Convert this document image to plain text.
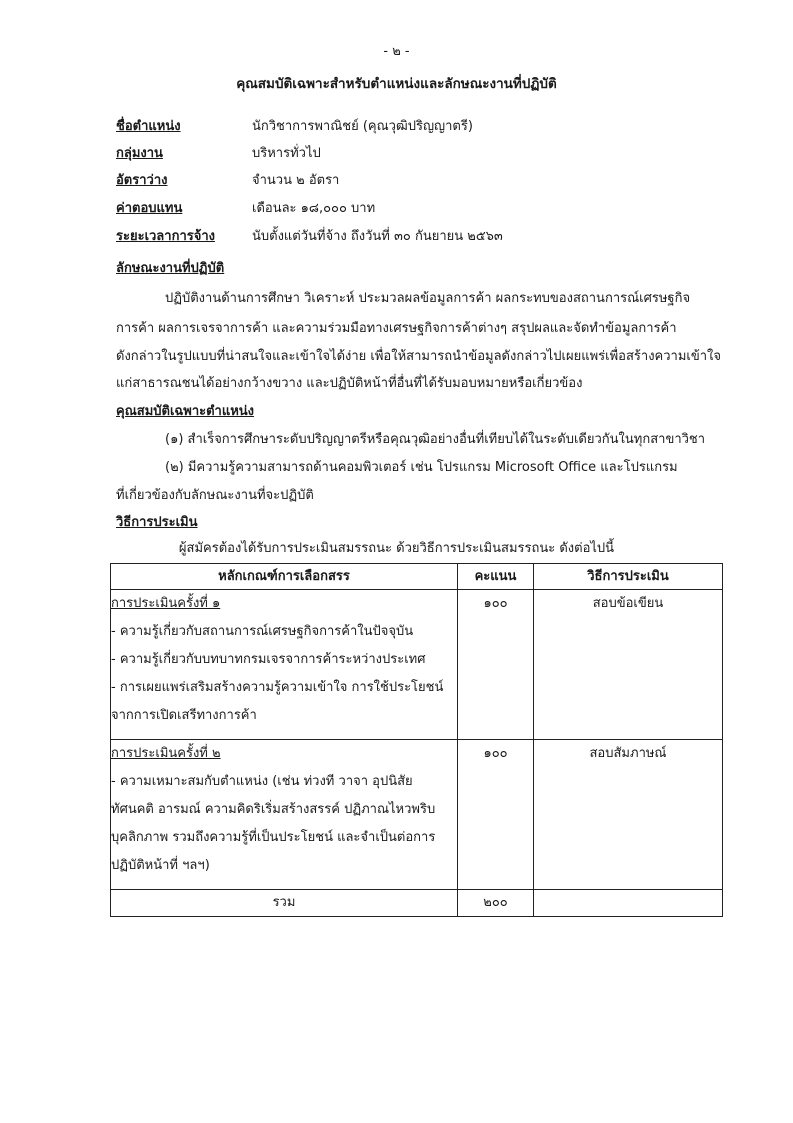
- ๒ -
คุณสมบัติเฉพาะสำหรับตำแหน่งและลักษณะงานที่ปฏิบัติ
ชื่อตำแหน่ง	นักวิชาการพาณิชย์ (คุณวุฒิปริญญาตรี)
กลุ่มงาน	บริหารทั่วไป
อัตราว่าง	จำนวน ๒ อัตรา
ค่าตอบแทน	เดือนละ ๑๘,๐๐๐ บาท
ระยะเวลาการจ้าง	นับตั้งแต่วันที่จ้าง ถึงวันที่ ๓๐ กันยายน ๒๕๖๓
ลักษณะงานที่ปฏิบัติ
ปฏิบัติงานด้านการศึกษา วิเคราะห์ ประมวลผลข้อมูลการค้า ผลกระทบของสถานการณ์เศรษฐกิจ
การค้า ผลการเจรจาการค้า และความร่วมมือทางเศรษฐกิจการค้าต่างๆ สรุปผลและจัดทำข้อมูลการค้า
ดังกล่าวในรูปแบบที่น่าสนใจและเข้าใจได้ง่าย เพื่อให้สามารถนำข้อมูลดังกล่าวไปเผยแพร่เพื่อสร้างความเข้าใจ
แก่สาธารณชนได้อย่างกว้างขวาง และปฏิบัติหน้าที่อื่นที่ได้รับมอบหมายหรือเกี่ยวข้อง
คุณสมบัติเฉพาะตำแหน่ง
(๑) สำเร็จการศึกษาระดับปริญญาตรีหรือคุณวุฒิอย่างอื่นที่เทียบได้ในระดับเดียวกันในทุกสาขาวิชา
(๒) มีความรู้ความสามารถด้านคอมพิวเตอร์ เช่น โปรแกรม Microsoft Office และโปรแกรม
ที่เกี่ยวข้องกับลักษณะงานที่จะปฏิบัติ
วิธีการประเมิน
ผู้สมัครต้องได้รับการประเมินสมรรถนะ ด้วยวิธีการประเมินสมรรถนะ ดังต่อไปนี้
หลักเกณฑ์การเลือกสรร	คะแนน	วิธีการประเมิน

การประเมินครั้งที่ ๑
- ความรู้เกี่ยวกับสถานการณ์เศรษฐกิจการค้าในปัจจุบัน
- ความรู้เกี่ยวกับบทบาทกรมเจรจาการค้าระหว่างประเทศ
- การเผยแพร่เสริมสร้างความรู้ความเข้าใจ การใช้ประโยชน์
จากการเปิดเสรีทางการค้า	๑๐๐	สอบข้อเขียน

การประเมินครั้งที่ ๒
- ความเหมาะสมกับตำแหน่ง (เช่น ท่วงที วาจา อุปนิสัย
ทัศนคติ อารมณ์ ความคิดริเริ่มสร้างสรรค์ ปฏิภาณไหวพริบ
บุคลิกภาพ รวมถึงความรู้ที่เป็นประโยชน์ และจำเป็นต่อการ
ปฏิบัติหน้าที่ ฯลฯ)	๑๐๐	สอบสัมภาษณ์
รวม	๒๐๐	
